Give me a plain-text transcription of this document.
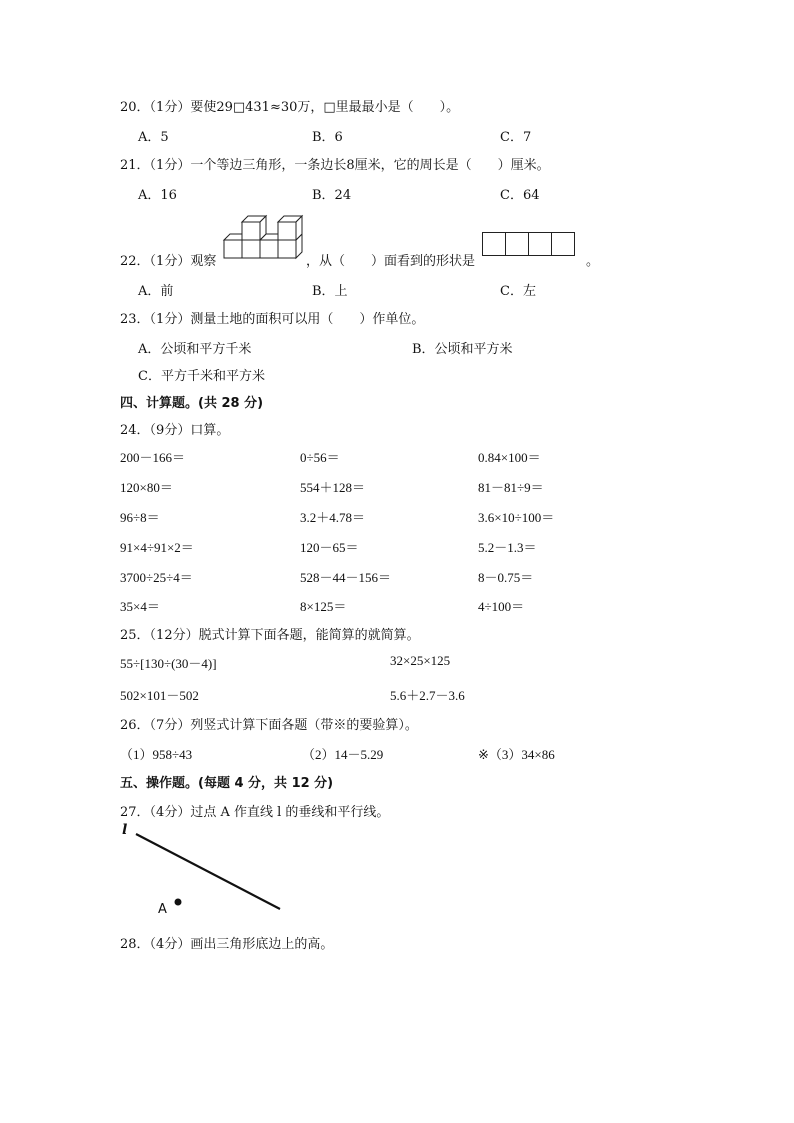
20．（1分）要使29□431≈30万，□里最最小是（　　）。
A．5	B．6	C．7
21．（1分）一个等边三角形，一条边长8厘米，它的周长是（　　）厘米。
A．16	B．24	C．64
22．（1分）观察	，从（　　）面看到的形状是	。
A．前	B．上	C．左
23．（1分）测量土地的面积可以用（　　）作单位。
A．公顷和平方千米	B．公顷和平方米
C．平方千米和平方米
四、计算题。(共 28 分)
24．（9分）口算。
200－166＝	0÷56＝	0.84×100＝
120×80＝	554＋128＝	81－81÷9＝
96÷8＝	3.2＋4.78＝	3.6×10÷100＝
91×4÷91×2＝	120－65＝	5.2－1.3＝
3700÷25÷4＝	528－44－156＝	8－0.75＝
35×4＝	8×125＝	4÷100＝
25．（12分）脱式计算下面各题，能简算的就简算。
55÷[130÷(30－4)]	32×25×125
502×101－502	5.6＋2.7－3.6
26．（7分）列竖式计算下面各题（带※的要验算）。
（1）958÷43	（2）14－5.29	※（3）34×86
五、操作题。(每题 4 分，共 12 分)
27．（4分）过点 A 作直线 l 的垂线和平行线。
l
A
28．（4分）画出三角形底边上的高。
